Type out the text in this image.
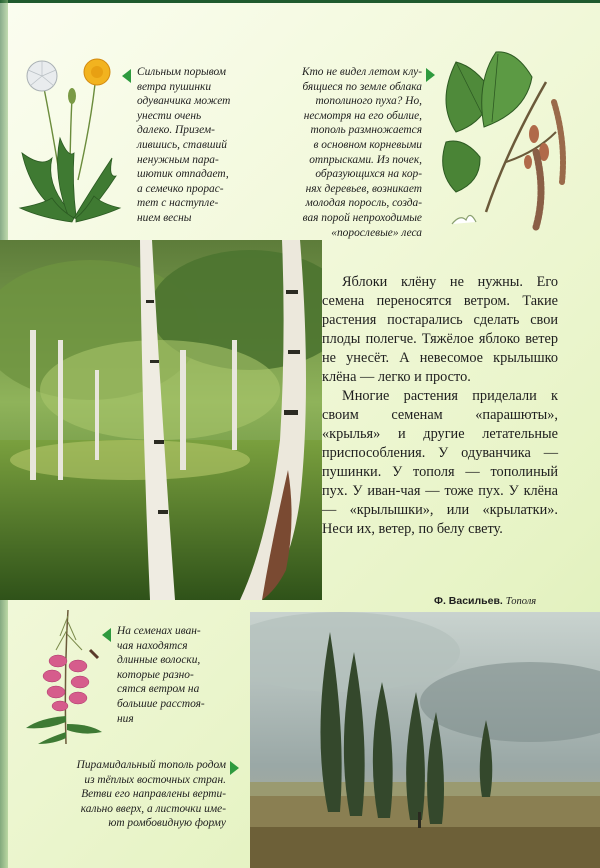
Сильным порывом
ветра пушинки
одуванчика может
унести очень
далеко. Призем-
лившись, ставший
ненужным пара-
шютик отпадает,
а семечко прорас-
тет с наступле-
нием весны

Кто не видел летом клу-
бящиеся по земле облака
тополиного пуха? Но,
несмотря на его обилие,
тополь размножается
в основном корневыми
отпрысками. Из почек,
образующихся на кор-
нях деревьев, возникает
молодая поросль, созда-
вая порой непроходимые
«порослевые» леса

Яблоки клёну не нужны. Его семена переносятся ветром. Такие растения постарались сделать свои плоды полегче. Тяжёлое яблоко ветер не унесёт. А невесомое крылышко клёна — легко и просто.

Многие растения приделали к своим семенам «парашюты», «крылья» и другие летательные приспособления. У одуванчика — пушинки. У тополя — тополиный пух. У иван-чая — тоже пух. У клёна — «крылышки», или «крылатки». Неси их, ветер, по белу свету.

Ф. Васильев. Тополя

На семенах иван-
чая находятся
длинные волоски,
которые разно-
сятся ветром на
большие расстоя-
ния

Пирамидальный тополь родом
из тёплых восточных стран.
Ветви его направлены верти-
кально вверх, а листочки име-
ют ромбовидную форму
